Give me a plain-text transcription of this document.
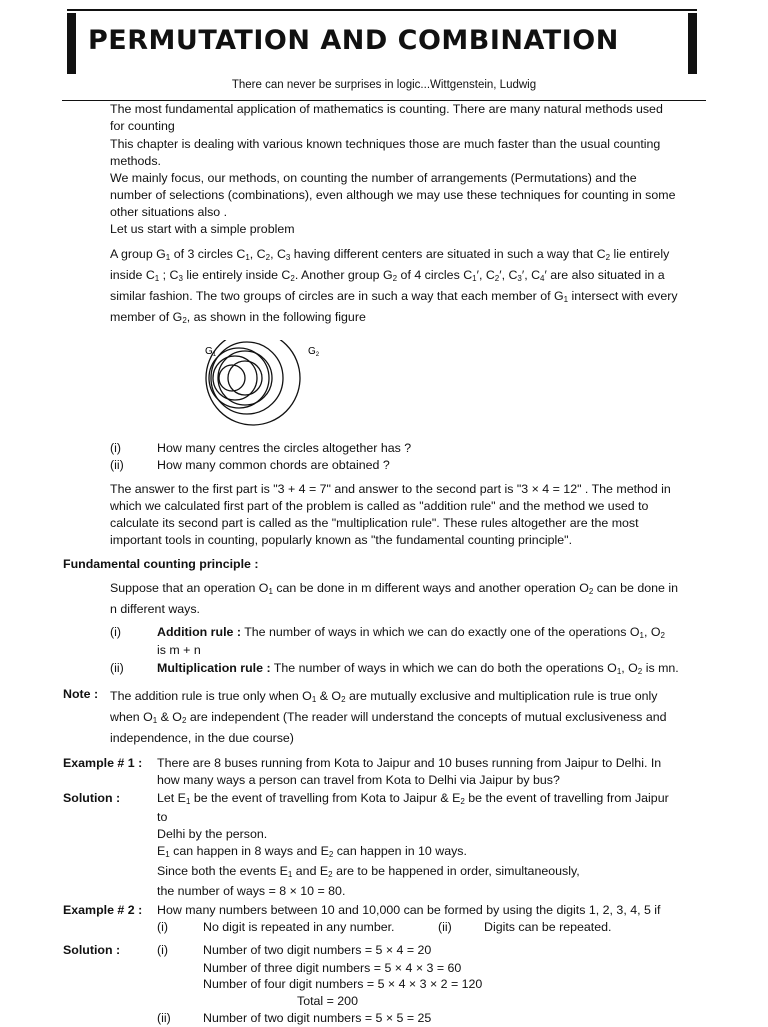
PERMUTATION AND COMBINATION
There can never be surprises in logic...Wittgenstein, Ludwig
The most fundamental application of mathematics is counting. There are many natural methods used
for counting
This chapter is dealing with various known techniques those are much faster than the usual counting
methods.
We mainly focus, our methods, on counting the number of arrangements (Permutations) and the
number of selections (combinations), even although we may use these techniques for counting in some
other situations also .
Let us start with a simple problem
A group $G_1$ of 3 circles $C_1$, $C_2$, $C_3$ having different centers are situated in such a way that $C_2$ lie entirely
inside $C_1$ ; $C_3$ lie entirely inside $C_2$. Another group $G_2$ of 4 circles $C_1'$, $C_2'$, $C_3'$, $C_4'$ are also situated in a
similar fashion. The two groups of circles are in such a way that each member of $G_1$ intersect with every
member of $G_2$, as shown in the following figure
$G_1$	$G_2$
(i)	How many centres the circles altogether has ?
(ii)	How many common chords are obtained ?
The answer to the first part is "3 + 4 = 7" and answer to the second part is "3 × 4 = 12" . The method in
which we calculated first part of the problem is called as "addition rule" and the method we used to
calculate its second part is called as the "multiplication rule". These rules altogether are the most
important tools in counting, popularly known as "the fundamental counting principle".
Fundamental counting principle :
Suppose that an operation $O_1$ can be done in m different ways and another operation $O_2$ can be done in
n different ways.
(i)	Addition rule : The number of ways in which we can do exactly one of the operations $O_1$, $O_2$
is m + n
(ii)	Multiplication rule : The number of ways in which we can do both the operations $O_1$, $O_2$ is mn.
Note : The addition rule is true only when $O_1$ & $O_2$ are mutually exclusive and multiplication rule is true only
when $O_1$ & $O_2$ are independent (The reader will understand the concepts of mutual exclusiveness and
independence, in the due course)
Example # 1 : There are 8 buses running from Kota to Jaipur and 10 buses running from Jaipur to Delhi. In
how many ways a person can travel from Kota to Delhi via Jaipur by bus?
Solution :	Let $E_1$ be the event of travelling from Kota to Jaipur & $E_2$ be the event of travelling from Jaipur
to
Delhi by the person.
$E_1$ can happen in 8 ways and $E_2$ can happen in 10 ways.
Since both the events $E_1$ and $E_2$ are to be happened in order, simultaneously,
the number of ways = 8 × 10 = 80.
Example # 2 : How many numbers between 10 and 10,000 can be formed by using the digits 1, 2, 3, 4, 5 if
(i)	No digit is repeated in any number.	(ii)	Digits can be repeated.
Solution :	(i)	Number of two digit numbers = 5 × 4 = 20
Number of three digit numbers = 5 × 4 × 3 = 60
Number of four digit numbers = 5 × 4 × 3 × 2 = 120
Total = 200
(ii)	Number of two digit numbers = 5 × 5 = 25
